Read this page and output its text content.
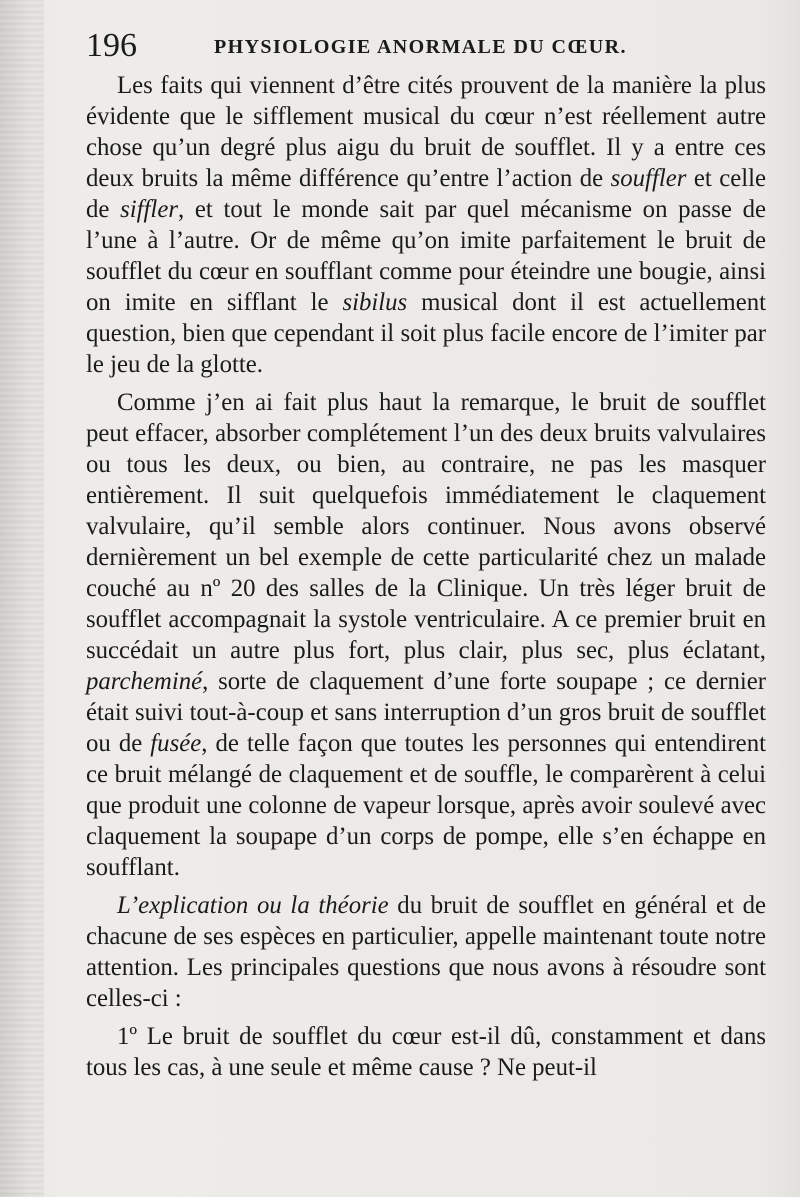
196	PHYSIOLOGIE ANORMALE DU CŒUR.

Les faits qui viennent d’être cités prouvent de la manière la plus évidente que le sifflement musical du cœur n’est réellement autre chose qu’un degré plus aigu du bruit de soufflet. Il y a entre ces deux bruits la même différence qu’entre l’action de souffler et celle de siffler, et tout le monde sait par quel mécanisme on passe de l’une à l’autre. Or de même qu’on imite parfaitement le bruit de soufflet du cœur en soufflant comme pour éteindre une bougie, ainsi on imite en sifflant le sibilus musical dont il est actuellement question, bien que cependant il soit plus facile encore de l’imiter par le jeu de la glotte.

Comme j’en ai fait plus haut la remarque, le bruit de soufflet peut effacer, absorber complétement l’un des deux bruits valvulaires ou tous les deux, ou bien, au contraire, ne pas les masquer entièrement. Il suit quelquefois immédiatement le claquement valvulaire, qu’il semble alors continuer. Nous avons observé dernièrement un bel exemple de cette particularité chez un malade couché au nº 20 des salles de la Clinique. Un très léger bruit de soufflet accompagnait la systole ventriculaire. A ce premier bruit en succédait un autre plus fort, plus clair, plus sec, plus éclatant, parcheminé, sorte de claquement d’une forte soupape ; ce dernier était suivi tout-à-coup et sans interruption d’un gros bruit de soufflet ou de fusée, de telle façon que toutes les personnes qui entendirent ce bruit mélangé de claquement et de souffle, le comparèrent à celui que produit une colonne de vapeur lorsque, après avoir soulevé avec claquement la soupape d’un corps de pompe, elle s’en échappe en soufflant.

L’explication ou la théorie du bruit de soufflet en général et de chacune de ses espèces en particulier, appelle maintenant toute notre attention. Les principales questions que nous avons à résoudre sont celles-ci :

1º Le bruit de soufflet du cœur est-il dû, constamment et dans tous les cas, à une seule et même cause ? Ne peut-il
